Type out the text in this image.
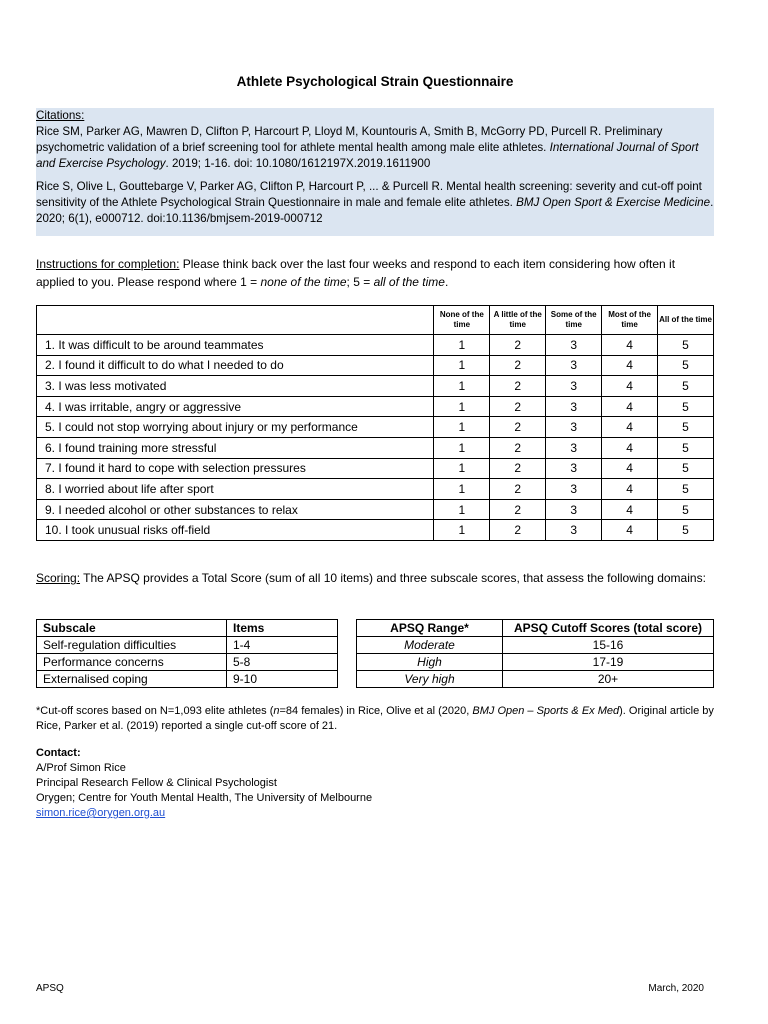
Athlete Psychological Strain Questionnaire
Citations:

Rice SM, Parker AG, Mawren D, Clifton P, Harcourt P, Lloyd M, Kountouris A, Smith B, McGorry PD, Purcell R. Preliminary psychometric validation of a brief screening tool for athlete mental health among male elite athletes. International Journal of Sport and Exercise Psychology. 2019; 1-16. doi: 10.1080/1612197X.2019.1611900

Rice S, Olive L, Gouttebarge V, Parker AG, Clifton P, Harcourt P, ... & Purcell R. Mental health screening: severity and cut-off point sensitivity of the Athlete Psychological Strain Questionnaire in male and female elite athletes. BMJ Open Sport & Exercise Medicine. 2020; 6(1), e000712. doi:10.1136/bmjsem-2019-000712

Instructions for completion: Please think back over the last four weeks and respond to each item considering how often it applied to you. Please respond where 1 = none of the time; 5 = all of the time.
	None of the time	A little of the time	Some of the time	Most of the time	All of the time
1. It was difficult to be around teammates	1	2	3	4	5
2. I found it difficult to do what I needed to do	1	2	3	4	5
3. I was less motivated	1	2	3	4	5
4. I was irritable, angry or aggressive	1	2	3	4	5
5. I could not stop worrying about injury or my performance	1	2	3	4	5
6. I found training more stressful	1	2	3	4	5
7. I found it hard to cope with selection pressures	1	2	3	4	5
8. I worried about life after sport	1	2	3	4	5
9. I needed alcohol or other substances to relax	1	2	3	4	5
10. I took unusual risks off-field	1	2	3	4	5
Scoring: The APSQ provides a Total Score (sum of all 10 items) and three subscale scores, that assess the following domains:
Subscale	Items
Self-regulation difficulties	1-4
Performance concerns	5-8
Externalised coping	9-10
APSQ Range*	APSQ Cutoff Scores (total score)
Moderate	15-16
High	17-19
Very high	20+
*Cut-off scores based on N=1,093 elite athletes (n=84 females) in Rice, Olive et al (2020, BMJ Open – Sports & Ex Med). Original article by Rice, Parker et al. (2019) reported a single cut-off score of 21.
Contact:
A/Prof Simon Rice
Principal Research Fellow & Clinical Psychologist
Orygen; Centre for Youth Mental Health, The University of Melbourne
simon.rice@orygen.org.au
APSQ	March, 2020
